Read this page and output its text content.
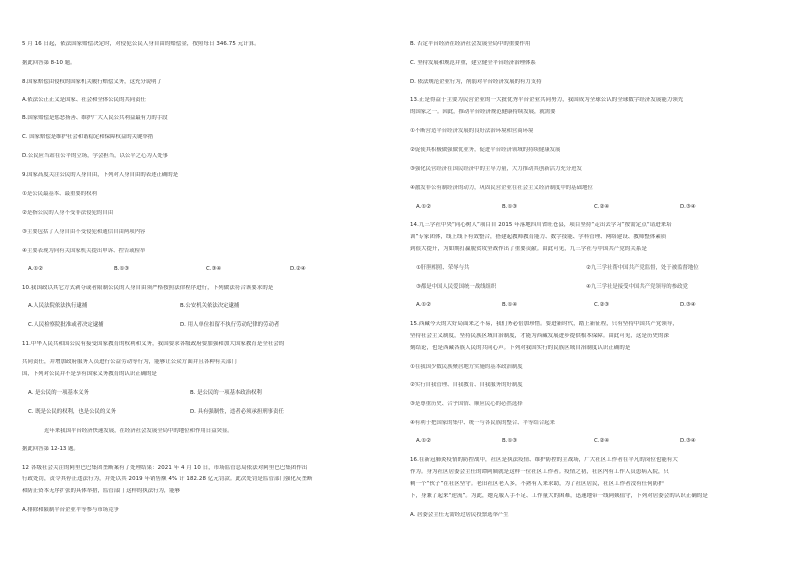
5 月 16 日起，依法国家赔偿决定时，对侵犯公民人身自由的赔偿金，按照每日 346.75 元计算。
据此回答第 8-10 题。
8.国家赔偿由侵权的国家机关履行赔偿义务，这充分说明了
A.依法公正正义是国家、社会和全体公民的共同责任
B.国家赔偿是惩恶扬善、维护广大人民公共利益最有力的手段
C. 国家赔偿是维护社会和谐稳定和保障权益的关键举措
D.公民应当站在公平的立场，学会担当，以公平之心为人处事
9.国家高度关注公民的人身自由，下列对人身自由的表述正确的是
①是公民最基本、最重要的权利
②是指公民的人身不受非法侵犯的自由
③主要包括了人身自由不受侵犯和通信自由两项内容
④主要表现为向有关国家机关提出申诉、控告或检举
A.①②	B.①③	C.③④	D.②④
10.我国政以其它方式剥夺或者限制公民的人身自由须严格按照法律程序进行，下列做法符合该要求的是
A.人民法院依法执行逮捕	B.公安机关依法决定逮捕
C.人民检察院批准或者决定逮捕	D. 用人单位扣留不执行劳动纪律的劳动者
11.中华人民共和国公民有接受国家教育的权利和义务，我国要求各级政府要加强和加大国家教育是全社会的
共同责任，并增加政府服务人员进行公益劳动等行为，能够让公众方面并且各种有关部门
国，下列对公民并不是享有国家义务教育的认识正确的是
A. 是公民的一项基本义务	B. 是公民的一项基本政治权利
C. 既是公民的权利，也是公民的义务	D. 具有强制性，违者必须承担刑事责任
近年来我国平台经济快速发展，在经济社会发展全局中的地位和作用日益突显。
据此回答第 12-13 题。
12 各级社会关注的阿里巴巴集团垄断案有了处理结果：2021 年 4 月 10 日，市场监管总局依法对阿里巴巴集团作出
行政处罚，责令其停止违法行为，并处以其 2019 年销售额 4% 计 182.28 亿元罚款。此次处罚是监管部门强化反垄断
和防止资本无序扩张的具体举措，监管部门 这样的执法行为，能够
A.排除和限制平台企业平等参与市场竞争
B. 否定平台经济在经济社会发展全局中的重要作用
C. 坚持发展和规范并重，建立健全平台经济治理体系
D. 依法规范企业行为，削弱对平台经济发展的有力支持
13.正是得益于主要为民营企业的一大批优秀平台企业共同努力，我国成为全球公认的全球数字经济发展能力领先
的国家之一。因此，推动平台经济规范健康持续发展，就需要
①不断营造平台经济发展的良好法治环境和营商环境
②促使其积极做强做优业务，促进平台经济领域的持续健康发展
③强化民营经济在国民经济中的主导力量，大力推动其创新活力充分迸发
④激发非公有制经济的动力，巩固民营企业在社会主义经济制度中的基础地位
A.①②	B.①③	C.②④	D.③④
14.九三学社中央“同心树人”项目自 2015 年落地四川省旺苍县，项目坚持“走出去学习”按需定点“请进来培
训”专家团体，线上线下有效整合，搭建起教师教育能力、数字技能、学科管理、网络建设、教师整体素质
到很大提升，为如期打赢脱贫攻坚战作出了重要贡献。由此可见，九三学社与中国共产党的关系是
①肝胆相照、荣辱与共	②九三学社帮中国共产党监督，处于被监督地位
③都是中国人民爱国统一战线组织	④九三学社是接受中国共产党领导的参政党
A.①②	B.①④	C.②③	D.③④
15.西藏今天的大好局面来之不易，我们务必倍加珍惜。要进新时代，踏上新征程，只有坚持中国共产党领导，
坚持社会主义制度，坚持民族区域自治制度，才能为西藏发展进步提供根本保障。由此可见，这是历史的深
刻结论，也是西藏各族人民的共同心声。下列对我国实行的民族区域自治制度认识正确的是
①在我国少数民族聚居地方实施的基本政治制度
②实行自我管理、自我教育、自我服务的好制度
③是尊重历史、合乎国情、顺应民心的必然选择
④有利于把国家的集中、统一与各民族的整合、平等结合起来
A.①②	B.①③	C.②④	D.③④
16.在新冠肺炎疫情的防控战中，社区是执法疫情、维护防控的主战场，广大社区工作者在平凡的岗位也能有大
作为。身为社区居委会主任的谭阿姨就是这样一位社区工作者。疫情之初，社区内有工作人员患病入院，只
剩一个“伙子”在社区坚守。老旧社区老人多，不熟有人来求助，为了社区居民，社区工作者没有任何防护
下，身兼了起来“逆流”。为此，她克服人手不足、工作量大的困难，迅速地带一线阿姨值守，下列对居委会的认识正确的是
A. 居委会主任无需经过居民投票选举产生
